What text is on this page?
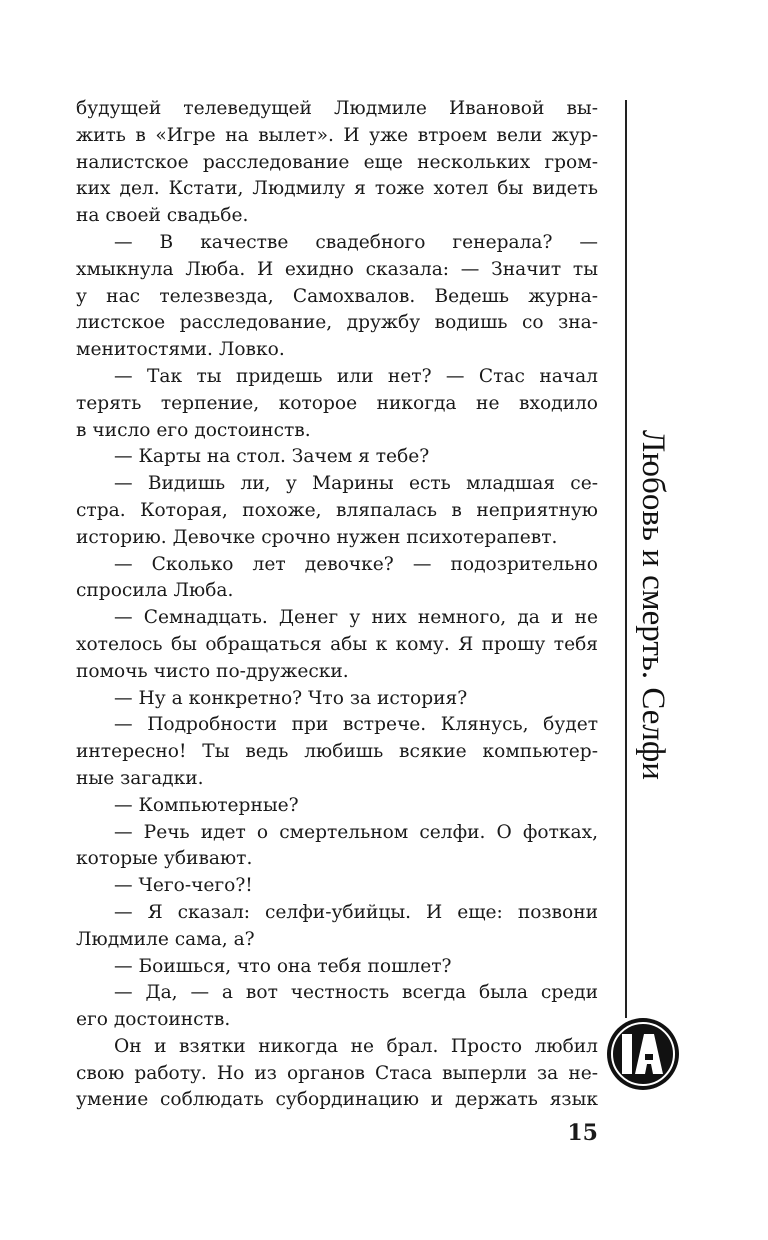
будущей телеведущей Людмиле Ивановой вы-
жить в «Игре на вылет». И уже втроем вели жур-
налистское расследование еще нескольких гром-
ких дел. Кстати, Людмилу я тоже хотел бы видеть
на своей свадьбе.
— В качестве свадебного генерала? —
хмыкнула Люба. И ехидно сказала: — Значит ты
у нас телезвезда, Самохвалов. Ведешь журна-
листское расследование, дружбу водишь со зна-
менитостями. Ловко.
— Так ты придешь или нет? — Стас начал
терять терпение, которое никогда не входило
в число его достоинств.
— Карты на стол. Зачем я тебе?
— Видишь ли, у Марины есть младшая се-
стра. Которая, похоже, вляпалась в неприятную
историю. Девочке срочно нужен психотерапевт.
— Сколько лет девочке? — подозрительно
спросила Люба.
— Семнадцать. Денег у них немного, да и не
хотелось бы обращаться абы к кому. Я прошу тебя
помочь чисто по-дружески.
— Ну а конкретно? Что за история?
— Подробности при встрече. Клянусь, будет
интересно! Ты ведь любишь всякие компьютер-
ные загадки.
— Компьютерные?
— Речь идет о смертельном селфи. О фотках,
которые убивают.
— Чего-чего?!
— Я сказал: селфи-убийцы. И еще: позвони
Людмиле сама, а?
— Боишься, что она тебя пошлет?
— Да, — а вот честность всегда была среди
его достоинств.
Он и взятки никогда не брал. Просто любил
свою работу. Но из органов Стаса выперли за не-
умение соблюдать субординацию и держать язык
15
Любовь и смерть. Селфи
